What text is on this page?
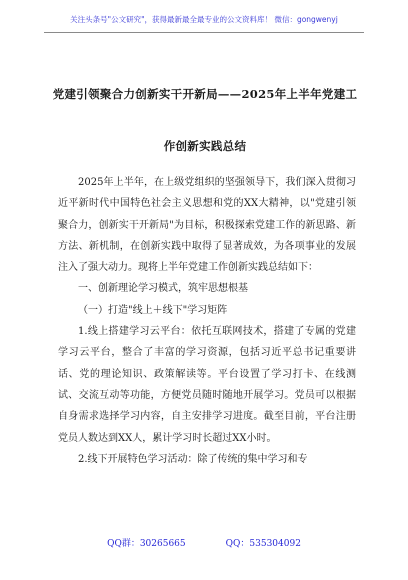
关注头条号"公文研究"，获得最新最全最专业的公文资料库！ 微信：gongwenyj
党建引领聚合力创新实干开新局——2025年上半年党建工
作创新实践总结

2025年上半年，在上级党组织的坚强领导下，我们深入贯彻习近平新时代中国特色社会主义思想和党的XX大精神，以"党建引领聚合力，创新实干开新局"为目标，积极探索党建工作的新思路、新方法、新机制，在创新实践中取得了显著成效，为各项事业的发展注入了强大动力。现将上半年党建工作创新实践总结如下：

一、创新理论学习模式，筑牢思想根基

（一）打造"线上＋线下"学习矩阵

1.线上搭建学习云平台：依托互联网技术，搭建了专属的党建学习云平台，整合了丰富的学习资源，包括习近平总书记重要讲话、党的理论知识、政策解读等。平台设置了学习打卡、在线测试、交流互动等功能，方便党员随时随地开展学习。党员可以根据自身需求选择学习内容，自主安排学习进度。截至目前，平台注册党员人数达到XX人，累计学习时长超过XX小时。

2.线下开展特色学习活动：除了传统的集中学习和专

QQ群：30265665	QQ：535304092
